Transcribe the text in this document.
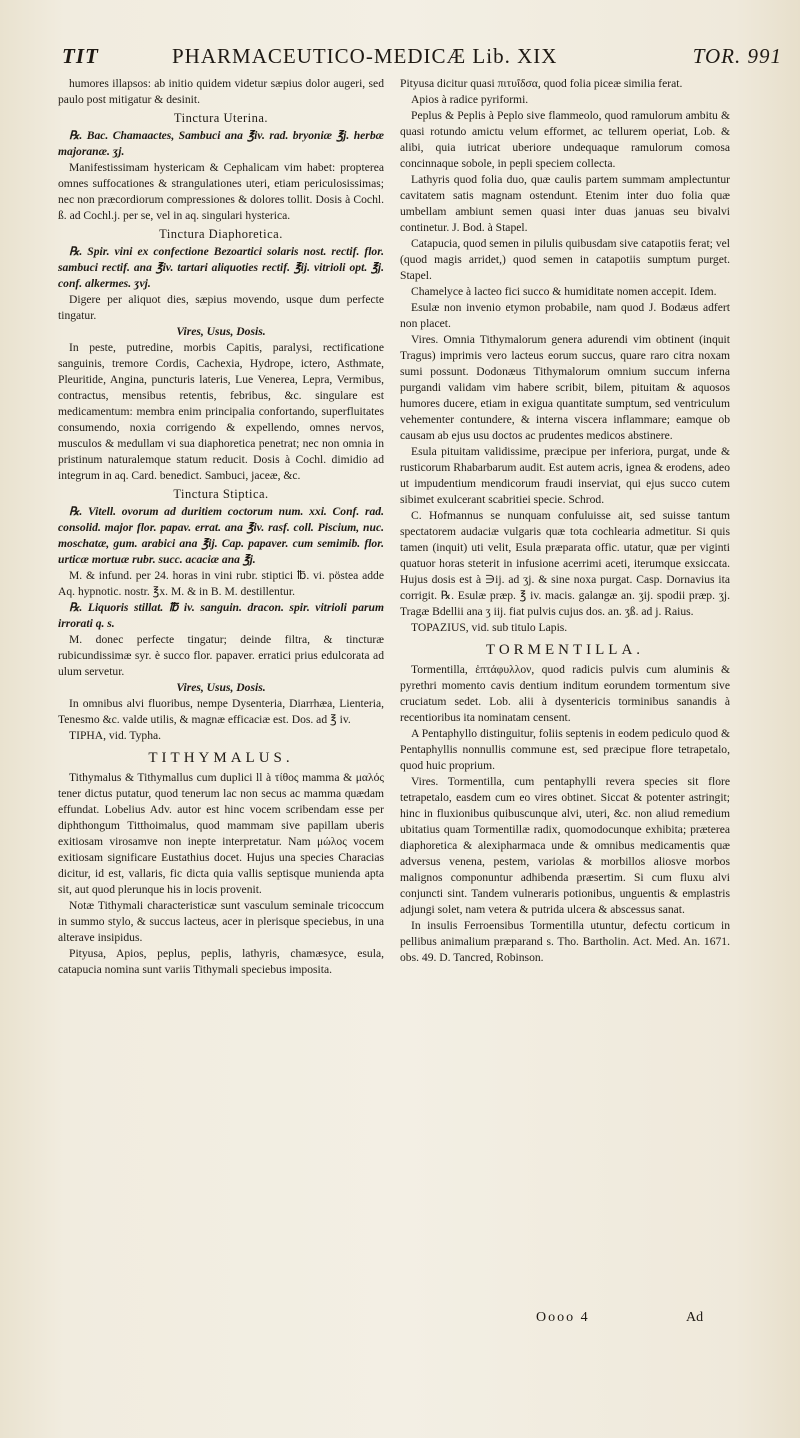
TIT	PHARMACEUTICO-MEDICÆ Lib. XIX	TOR. 991

humores illapsos: ab initio quidem videtur sæpius dolor augeri, sed paulo post mitigatur & desinit.

Tinctura Uterina.

℞. Bac. Chamaactes, Sambuci ana ℥iv. rad. bryoniæ ℥j. herbæ majoranæ. ʒj.

Manifestissimam hystericam & Cephalicam vim habet: propterea omnes suffocationes & strangulationes uteri, etiam periculosissimas; nec non præcordiorum compressiones & dolores tollit. Dosis à Cochl. ß. ad Cochl.j. per se, vel in aq. singulari hysterica.

Tinctura Diaphoretica.

℞. Spir. vini ex confectione Bezoartici solaris nost. rectif. flor. sambuci rectif. ana ℥iv. tartari aliquoties rectif. ℥ij. vitrioli opt. ℥j. conf. alkermes. ʒvj.

Digere per aliquot dies, sæpius movendo, usque dum perfecte tingatur.

Vires, Usus, Dosis.

In peste, putredine, morbis Capitis, paralysi, rectificatione sanguinis, tremore Cordis, Cachexia, Hydrope, ictero, Asthmate, Pleuritide, Angina, puncturis lateris, Lue Venerea, Lepra, Vermibus, contractus, mensibus retentis, febribus, &c. singulare est medicamentum: membra enim principalia confortando, superfluitates consumendo, noxia corrigendo & expellendo, omnes nervos, musculos & medullam vi sua diaphoretica penetrat; nec non omnia in pristinum naturalemque statum reducit. Dosis à Cochl. dimidio ad integrum in aq. Card. benedict. Sambuci, jaceæ, &c.

Tinctura Stiptica.

℞. Vitell. ovorum ad duritiem coctorum num. xxi. Conf. rad. consolid. major flor. papav. errat. ana ℥iv. rasf. coll. Piscium, nuc. moschatæ, gum. arabici ana ℥ij. Cap. papaver. cum semimib. flor. urticæ mortuæ rubr. succ. acaciæ ana ℥j.

M. & infund. per 24. horas in vini rubr. stiptici ℔. vi. pöstea adde Aq. hypnotic. nostr. ℥x. M. & in B. M. destillentur.

℞. Liquoris stillat. ℔ iv. sanguin. dracon. spir. vitrioli parum irrorati q. s.

M. donec perfecte tingatur; deinde filtra, & tincturæ rubicundissimæ syr. è succo flor. papaver. erratici prius edulcorata ad ulum servetur.

Vires, Usus, Dosis.

In omnibus alvi fluoribus, nempe Dysenteria, Diarrhæa, Lienteria, Tenesmo &c. valde utilis, & magnæ efficaciæ est. Dos. ad ℥ iv.

TIPHA, vid. Typha.

TITHYMALUS.

Tithymalus & Tithymallus cum duplici ll à τίθος mamma & μαλός tener dictus putatur, quod tenerum lac non secus ac mamma quædam effundat. Lobelius Adv. autor est hinc vocem scribendam esse per diphthongum Titthoimalus, quod mammam sive papillam uberis exitiosam virosamve non inepte interpretatur. Nam μώλος vocem exitiosam significare Eustathius docet. Hujus una species Characias dicitur, id est, vallaris, fic dicta quia vallis septisque munienda apta sit, aut quod plerunque his in locis provenit.

Notæ Tithymali characteristicæ sunt vasculum seminale tricoccum in summo stylo, & succus lacteus, acer in plerisque speciebus, in una alterave insipidus.

Pityusa, Apios, peplus, peplis, lathyris, chamæsyce, esula, catapucia nomina sunt variis Tithymali speciebus imposita.

Pityusa dicitur quasi πιτυΐδσα, quod folia piceæ similia ferat.

Apios à radice pyriformi.

Peplus & Peplis à Peplo sive flammeolo, quod ramulorum ambitu & quasi rotundo amictu velum efformet, ac tellurem operiat, Lob. & alibi, quia iutricat uberiore undequaque ramulorum comosa concinnaque sobole, in pepli speciem collecta.

Lathyris quod folia duo, quæ caulis partem summam amplectuntur cavitatem satis magnam ostendunt. Etenim inter duo folia quæ umbellam ambiunt semen quasi inter duas januas seu bivalvi continetur. J. Bod. à Stapel.

Catapucia, quod semen in pilulis quibusdam sive catapotiis ferat; vel (quod magis arridet,) quod semen in catapotiis sumptum purget. Stapel.

Chamelyce à lacteo fici succo & humiditate nomen accepit. Idem.

Esulæ non invenio etymon probabile, nam quod J. Bodæus adfert non placet.

Vires. Omnia Tithymalorum genera adurendi vim obtinent (inquit Tragus) imprimis vero lacteus eorum succus, quare raro citra noxam sumi possunt. Dodonæus Tithymalorum omnium succum inferna purgandi validam vim habere scribit, bilem, pituitam & aquosos humores ducere, etiam in exigua quantitate sumptum, sed ventriculum vehementer contundere, & interna viscera inflammare; eamque ob causam ab ejus usu doctos ac prudentes medicos abstinere.

Esula pituitam validissime, præcipue per inferiora, purgat, unde & rusticorum Rhabarbarum audit. Est autem acris, ignea & erodens, adeo ut impudentium mendicorum fraudi inserviat, qui ejus succo cutem sibimet exulcerant scabritiei specie. Schrod.

C. Hofmannus se nunquam confuluisse ait, sed suisse tantum spectatorem audaciæ vulgaris quæ tota cochlearia admetitur. Si quis tamen (inquit) uti velit, Esula præparata offic. utatur, quæ per viginti quatuor horas steterit in infusione acerrimi aceti, iterumque exsiccata. Hujus dosis est à ∋ij. ad ʒj. & sine noxa purgat. Casp. Dornavius ita corrigit. ℞. Esulæ præp. ℥ iv. macis. galangæ an. ʒij. spodii præp. ʒj. Tragæ Bdellii ana ʒ iij. fiat pulvis cujus dos. an. ʒß. ad j. Raius.

TOPAZIUS, vid. sub titulo Lapis.

TORMENTILLA.

Tormentilla, ἑπτάφυλλον, quod radicis pulvis cum aluminis & pyrethri momento cavis dentium inditum eorundem tormentum sive cruciatum sedet. Lob. alii à dysentericis torminibus sanandis à recentioribus ita nominatam censent.

A Pentaphyllo distinguitur, foliis septenis in eodem pediculo quod & Pentaphyllis nonnullis commune est, sed præcipue flore tetrapetalo, quod huic proprium.

Vires. Tormentilla, cum pentaphylli revera species sit flore tetrapetalo, easdem cum eo vires obtinet. Siccat & potenter astringit; hinc in fluxionibus quibuscunque alvi, uteri, &c. non aliud remedium ubitatius quam Tormentillæ radix, quomodocunque exhibita; præterea diaphoretica & alexipharmaca unde & omnibus medicamentis quæ adversus venena, pestem, variolas & morbillos aliosve morbos malignos componuntur adhibenda præsertim. Si cum fluxu alvi conjuncti sint. Tandem vulneraris potionibus, unguentis & emplastris adjungi solet, nam vetera & putrida ulcera & abscessus sanat.

In insulis Ferroensibus Tormentilla utuntur, defectu corticum in pellibus animalium præparand s. Tho. Bartholin. Act. Med. An. 1671. obs. 49. D. Tancred, Robinson.

Oooo 4	Ad
